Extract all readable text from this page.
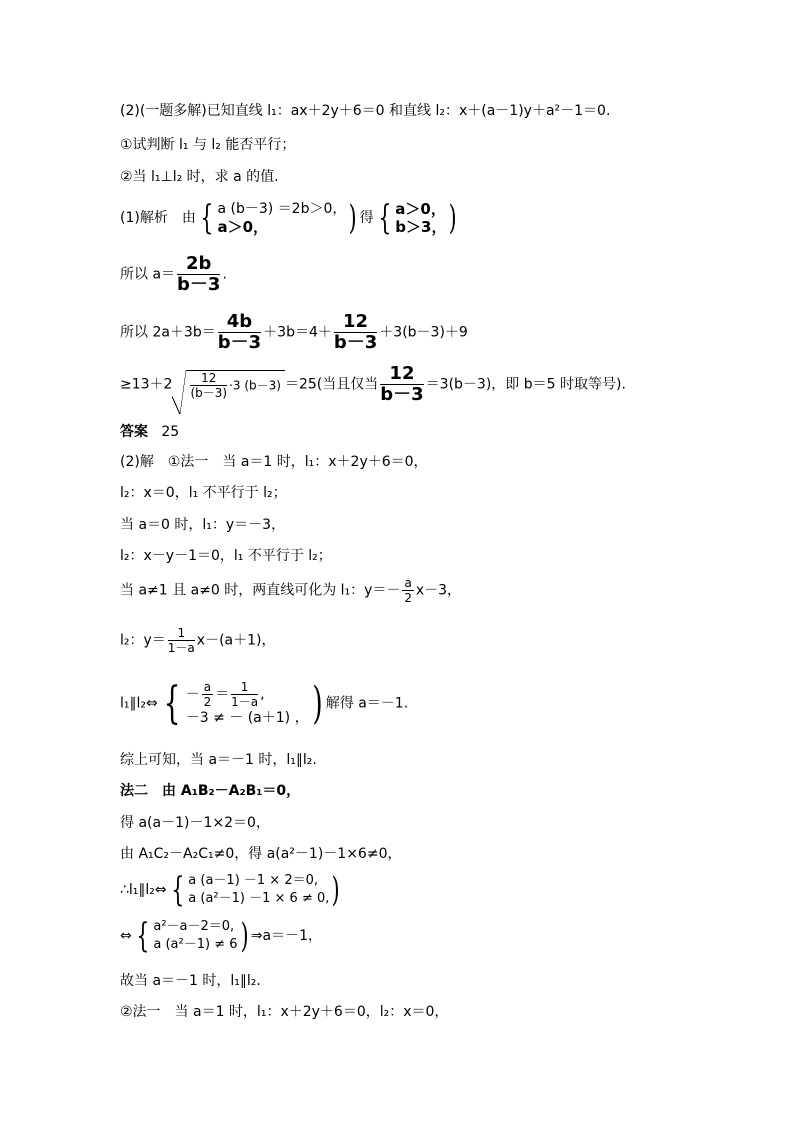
(2)(一题多解)已知直线 l₁：ax＋2y＋6＝0 和直线 l₂：x＋(a－1)y＋a²－1＝0.
①试判断 l₁ 与 l₂ 能否平行；
②当 l₁⊥l₂ 时，求 a 的值.
(1)解析　由 { a (b－3) ＝2b＞0，
a＞0，	) 得 { a＞0，
b＞3， )
所以 $a= \frac{2b}{b-3}$ .
所以 $2a+3b= \frac{4b}{b-3} +3b=4+ \frac{12}{b-3} +3(b-3)+9$
$\ge 13+2 \frac{12}{(b-3)} \cdot 3$ (b－3) ＝25(当且仅当 $\frac{12}{b-3} =3(b-3)$，即 b＝5 时取等号).
答案 25
(2)解　①法一　当 a＝1 时，l₁：x＋2y＋6＝0，
l₂：x＝0，l₁ 不平行于 l₂；
当 a＝0 时，l₁：y＝－3，
l₂：x－y－1＝0，l₁ 不平行于 l₂；
当 a≠1 且 a≠0 时，两直线可化为 l₁：$y=- \frac{a}{2} x-3$，
l₂：$y= \frac{1}{1-a} x-(a+1)$，
l₁∥l₂⇔ { － $\frac{a}{2} = \frac{1}{1-a}$ ,
－3 ≠ － (a＋1) ， ) 解得 a＝－1.
综上可知，当 a＝－1 时，l₁∥l₂.
法二　由 A₁B₂－A₂B₁＝0，
得 a(a－1)－1×2＝0，
由 A₁C₂－A₂C₁≠0，得 a(a²－1)－1×6≠0，
∴l₁∥l₂⇔ { a (a－1) －1 × 2＝0,
a (a²－1) －1 × 6 ≠ 0, )
⇔ { a²－a－2＝0,
a (a²－1) ≠ 6 ) ⇒a＝－1，
故当 a＝－1 时，l₁∥l₂.
②法一　当 a＝1 时，l₁：x＋2y＋6＝0，l₂：x＝0，
